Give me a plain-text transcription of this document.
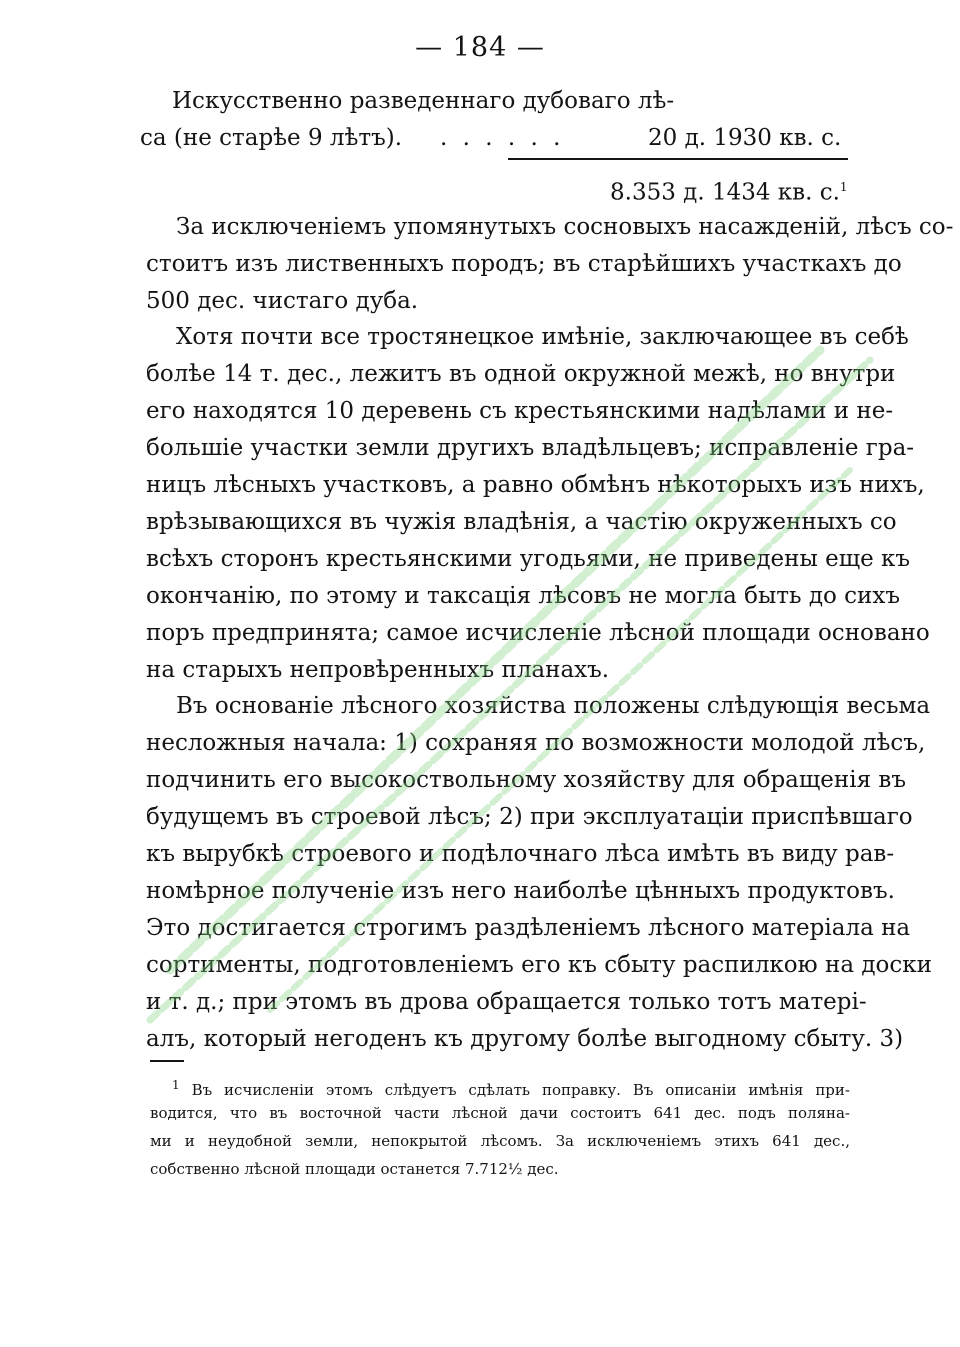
— 184 —
Искусственно разведеннаго дубоваго лѣ-
са (не старѣе 9 лѣтъ). . . . . . .	20 д. 1930 кв. с.
8.353 д. 1434 кв. с.$^1$
За исключеніемъ упомянутыхъ сосновыхъ насажденій, лѣсъ со-
стоитъ изъ лиственныхъ породъ; въ старѣйшихъ участкахъ до
500 дес. чистаго дуба.
Хотя почти все тростянецкое имѣніе, заключающее въ себѣ
болѣе 14 т. дес., лежитъ въ одной окружной межѣ, но внутри
его находятся 10 деревень съ крестьянскими надѣлами и не-
большіе участки земли другихъ владѣльцевъ; исправленіе гра-
ницъ лѣсныхъ участковъ, а равно обмѣнъ нѣкоторыхъ изъ нихъ,
врѣзывающихся въ чужія владѣнія, а частію окруженныхъ со
всѣхъ сторонъ крестьянскими угодьями, не приведены еще къ
окончанію, по этому и таксація лѣсовъ не могла быть до сихъ
поръ предпринята; самое исчисленіе лѣсной площади основано
на старыхъ непровѣренныхъ планахъ.
Въ основаніе лѣсного хозяйства положены слѣдующія весьма
несложныя начала: 1) сохраняя по возможности молодой лѣсъ,
подчинить его высокоствольному хозяйству для обращенія въ
будущемъ въ строевой лѣсъ; 2) при эксплуатаціи приспѣвшаго
къ вырубкѣ строевого и подѣлочнаго лѣса имѣть въ виду рав-
номѣрное полученіе изъ него наиболѣе цѣнныхъ продуктовъ.
Это достигается строгимъ раздѣленіемъ лѣсного матеріала на
сортименты, подготовленіемъ его къ сбыту распилкою на доски
и т. д.; при этомъ въ дрова обращается только тотъ матерi-
алъ, который негоденъ къ другому болѣе выгодному сбыту. 3)
$^1$ Въ исчисленіи этомъ слѣдуетъ сдѣлать поправку. Въ описаніи имѣнія при-
водится, что въ восточной части лѣсной дачи состоитъ 641 дес. подъ поляна-
ми и неудобной земли, непокрытой лѣсомъ. За исключеніемъ этихъ 641 дес.,
собственно лѣсной площади останется 7.712½ дес.
